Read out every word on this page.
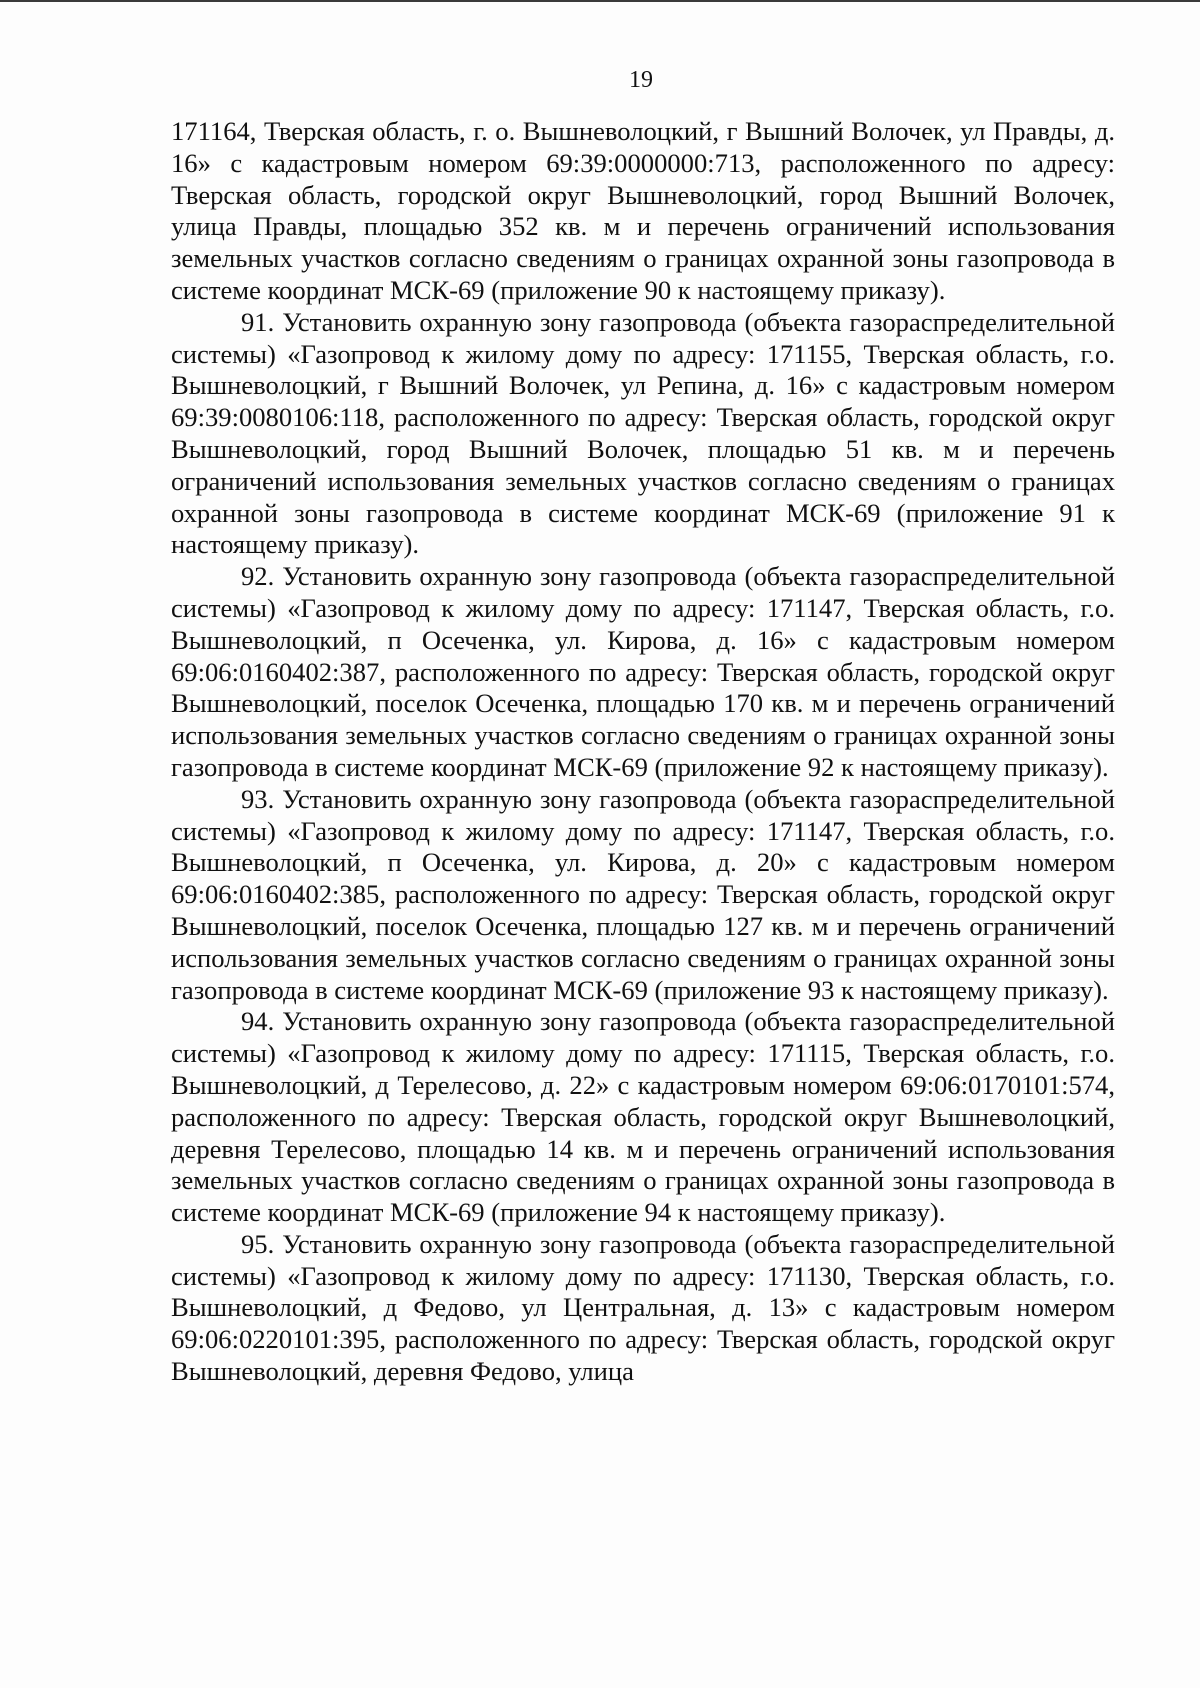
19

171164, Тверская область, г. о. Вышневолоцкий, г Вышний Волочек, ул Правды, д. 16» с кадастровым номером 69:39:0000000:713, расположенного по адресу: Тверская область, городской округ Вышневолоцкий, город Вышний Волочек, улица Правды, площадью 352 кв. м и перечень ограничений использования земельных участков согласно сведениям о границах охранной зоны газопровода в системе координат МСК-69 (приложение 90 к настоящему приказу).

91. Установить охранную зону газопровода (объекта газораспределительной системы) «Газопровод к жилому дому по адресу: 171155, Тверская область, г.о. Вышневолоцкий, г Вышний Волочек, ул Репина, д. 16» с кадастровым номером 69:39:0080106:118, расположенного по адресу: Тверская область, городской округ Вышневолоцкий, город Вышний Волочек, площадью 51 кв. м и перечень ограничений использования земельных участков согласно сведениям о границах охранной зоны газопровода в системе координат МСК-69 (приложение 91 к настоящему приказу).

92. Установить охранную зону газопровода (объекта газораспределительной системы) «Газопровод к жилому дому по адресу: 171147, Тверская область, г.о. Вышневолоцкий, п Осеченка, ул. Кирова, д. 16» с кадастровым номером 69:06:0160402:387, расположенного по адресу: Тверская область, городской округ Вышневолоцкий, поселок Осеченка, площадью 170 кв. м и перечень ограничений использования земельных участков согласно сведениям о границах охранной зоны газопровода в системе координат МСК-69 (приложение 92 к настоящему приказу).

93. Установить охранную зону газопровода (объекта газораспределительной системы) «Газопровод к жилому дому по адресу: 171147, Тверская область, г.о. Вышневолоцкий, п Осеченка, ул. Кирова, д. 20» с кадастровым номером 69:06:0160402:385, расположенного по адресу: Тверская область, городской округ Вышневолоцкий, поселок Осеченка, площадью 127 кв. м и перечень ограничений использования земельных участков согласно сведениям о границах охранной зоны газопровода в системе координат МСК-69 (приложение 93 к настоящему приказу).

94. Установить охранную зону газопровода (объекта газораспределительной системы) «Газопровод к жилому дому по адресу: 171115, Тверская область, г.о. Вышневолоцкий, д Терелесово, д. 22» с кадастровым номером 69:06:0170101:574, расположенного по адресу: Тверская область, городской округ Вышневолоцкий, деревня Терелесово, площадью 14 кв. м и перечень ограничений использования земельных участков согласно сведениям о границах охранной зоны газопровода в системе координат МСК-69 (приложение 94 к настоящему приказу).

95. Установить охранную зону газопровода (объекта газораспределительной системы) «Газопровод к жилому дому по адресу: 171130, Тверская область, г.о. Вышневолоцкий, д Федово, ул Центральная, д. 13» с кадастровым номером 69:06:0220101:395, расположенного по адресу: Тверская область, городской округ Вышневолоцкий, деревня Федово, улица
